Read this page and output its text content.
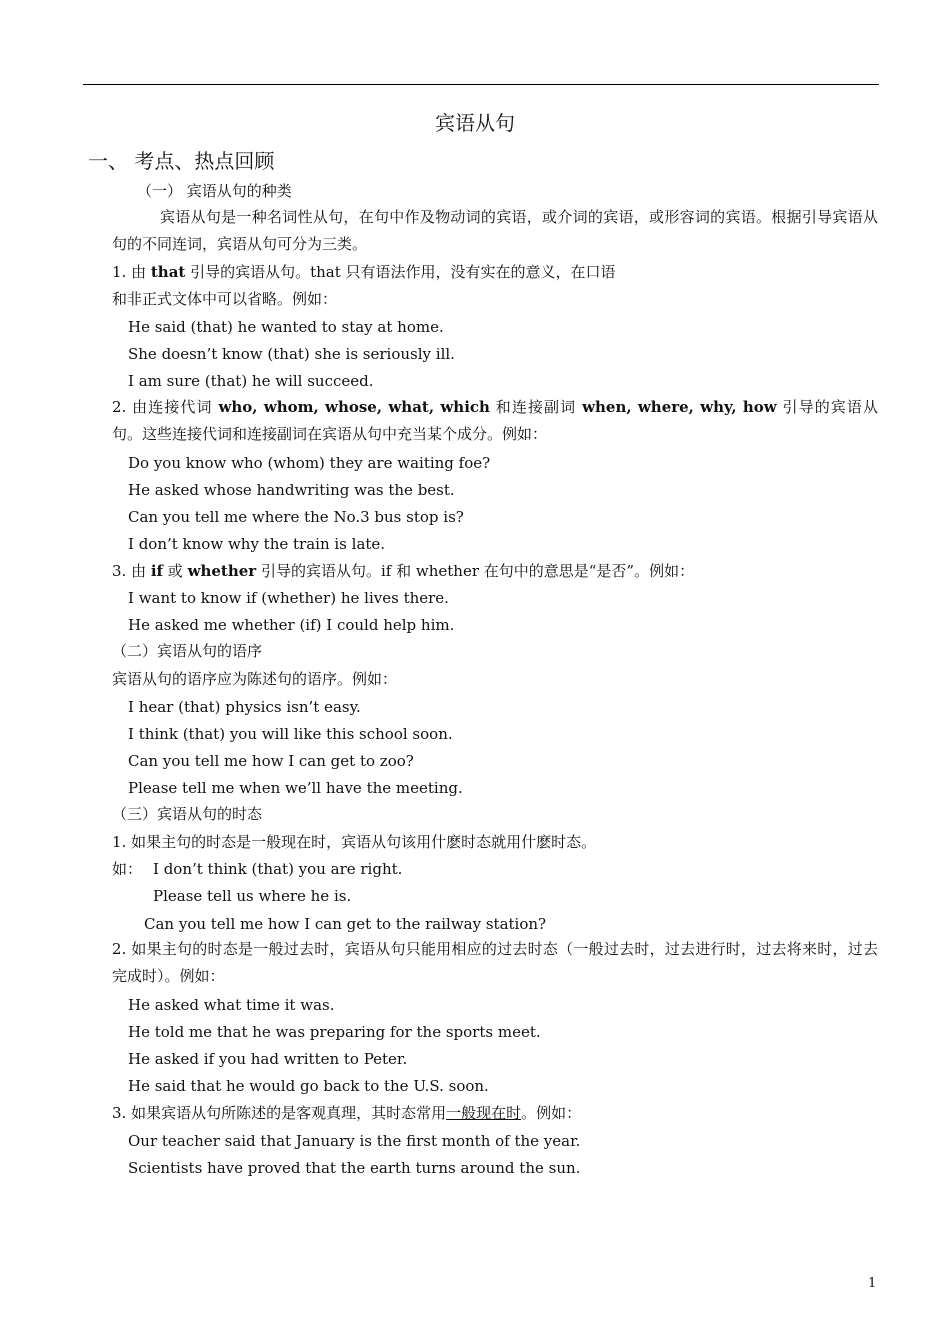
宾语从句
一、 考点、热点回顾
（一） 宾语从句的种类
宾语从句是一种名词性从句，在句中作及物动词的宾语，或介词的宾语，或形容词的宾语。根据引导宾语从句的不同连词，宾语从句可分为三类。
1. 由 that 引导的宾语从句。that 只有语法作用，没有实在的意义，在口语
和非正式文体中可以省略。例如：
He said (that) he wanted to stay at home.
She doesn’t know (that) she is seriously ill.
I am sure (that) he will succeed.
2. 由连接代词 who, whom, whose, what, which 和连接副词 when, where, why, how 引导的宾语从句。这些连接代词和连接副词在宾语从句中充当某个成分。例如：
Do you know who (whom) they are waiting foe?
He asked whose handwriting was the best.
Can you tell me where the No.3 bus stop is?
I don’t know why the train is late.
3. 由 if 或 whether 引导的宾语从句。if 和 whether 在句中的意思是“是否”。例如：
I want to know if (whether) he lives there.
He asked me whether (if) I could help him.
（二）宾语从句的语序
宾语从句的语序应为陈述句的语序。例如：
I hear (that) physics isn’t easy.
I think (that) you will like this school soon.
Can you tell me how I can get to zoo?
Please tell me when we’ll have the meeting.
（三）宾语从句的时态
1. 如果主句的时态是一般现在时，宾语从句该用什麽时态就用什麽时态。
如： I don’t think (that) you are right.
Please tell us where he is.
Can you tell me how I can get to the railway station?
2. 如果主句的时态是一般过去时，宾语从句只能用相应的过去时态（一般过去时，过去进行时，过去将来时，过去完成时）。例如：
He asked what time it was.
He told me that he was preparing for the sports meet.
He asked if you had written to Peter.
He said that he would go back to the U.S. soon.
3. 如果宾语从句所陈述的是客观真理，其时态常用一般现在时。例如：
Our teacher said that January is the first month of the year.
Scientists have proved that the earth turns around the sun.
1
